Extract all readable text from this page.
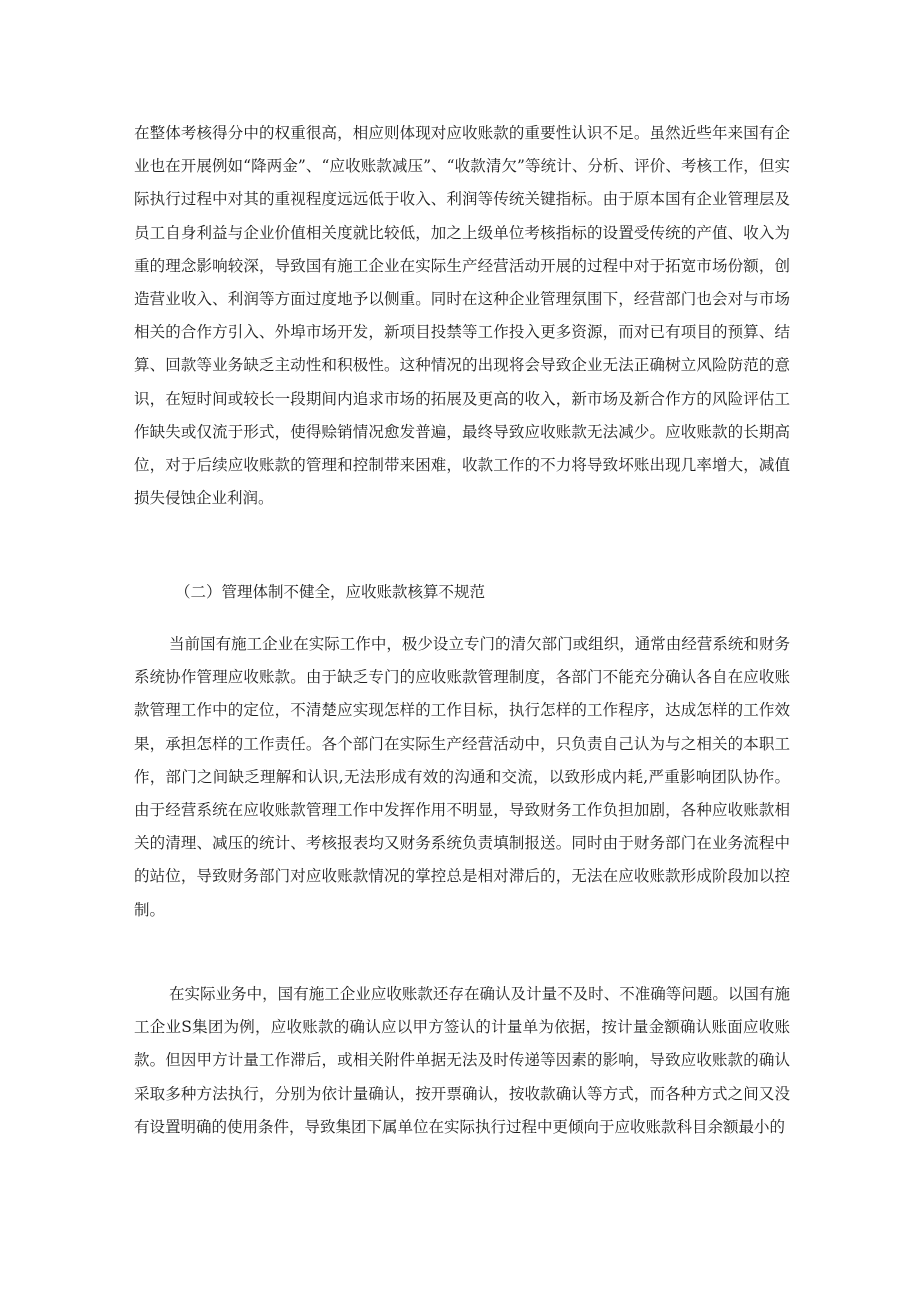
在整体考核得分中的权重很高，相应则体现对应收账款的重要性认识不足。虽然近些年来国有企业也在开展例如“降两金”、“应收账款减压”、“收款清欠”等统计、分析、评价、考核工作，但实际执行过程中对其的重视程度远远低于收入、利润等传统关键指标。由于原本国有企业管理层及员工自身利益与企业价值相关度就比较低，加之上级单位考核指标的设置受传统的产值、收入为重的理念影响较深，导致国有施工企业在实际生产经营活动开展的过程中对于拓宽市场份额，创造营业收入、利润等方面过度地予以侧重。同时在这种企业管理氛围下，经营部门也会对与市场相关的合作方引入、外埠市场开发，新项目投禁等工作投入更多资源，而对已有项目的预算、结算、回款等业务缺乏主动性和积极性。这种情况的出现将会导致企业无法正确树立风险防范的意识，在短时间或较长一段期间内追求市场的拓展及更高的收入，新市场及新合作方的风险评估工作缺失或仅流于形式，使得赊销情况愈发普遍，最终导致应收账款无法减少。应收账款的长期高位，对于后续应收账款的管理和控制带来困难，收款工作的不力将导致坏账出现几率增大，减值损失侵蚀企业利润。

（二）管理体制不健全，应收账款核算不规范

当前国有施工企业在实际工作中，极少设立专门的清欠部门或组织，通常由经营系统和财务系统协作管理应收账款。由于缺乏专门的应收账款管理制度，各部门不能充分确认各自在应收账款管理工作中的定位，不清楚应实现怎样的工作目标，执行怎样的工作程序，达成怎样的工作效果，承担怎样的工作责任。各个部门在实际生产经营活动中，只负责自己认为与之相关的本职工作，部门之间缺乏理解和认识,无法形成有效的沟通和交流，以致形成内耗,严重影响团队协作。由于经营系统在应收账款管理工作中发挥作用不明显，导致财务工作负担加剧，各种应收账款相关的清理、减压的统计、考核报表均又财务系统负责填制报送。同时由于财务部门在业务流程中的站位，导致财务部门对应收账款情况的掌控总是相对滞后的，无法在应收账款形成阶段加以控制。

在实际业务中，国有施工企业应收账款还存在确认及计量不及时、不准确等问题。以国有施工企业S集团为例，应收账款的确认应以甲方签认的计量单为依据，按计量金额确认账面应收账款。但因甲方计量工作滞后，或相关附件单据无法及时传递等因素的影响，导致应收账款的确认采取多种方法执行，分别为依计量确认，按开票确认，按收款确认等方式，而各种方式之间又没有设置明确的使用条件，导致集团下属单位在实际执行过程中更倾向于应收账款科目余额最小的
